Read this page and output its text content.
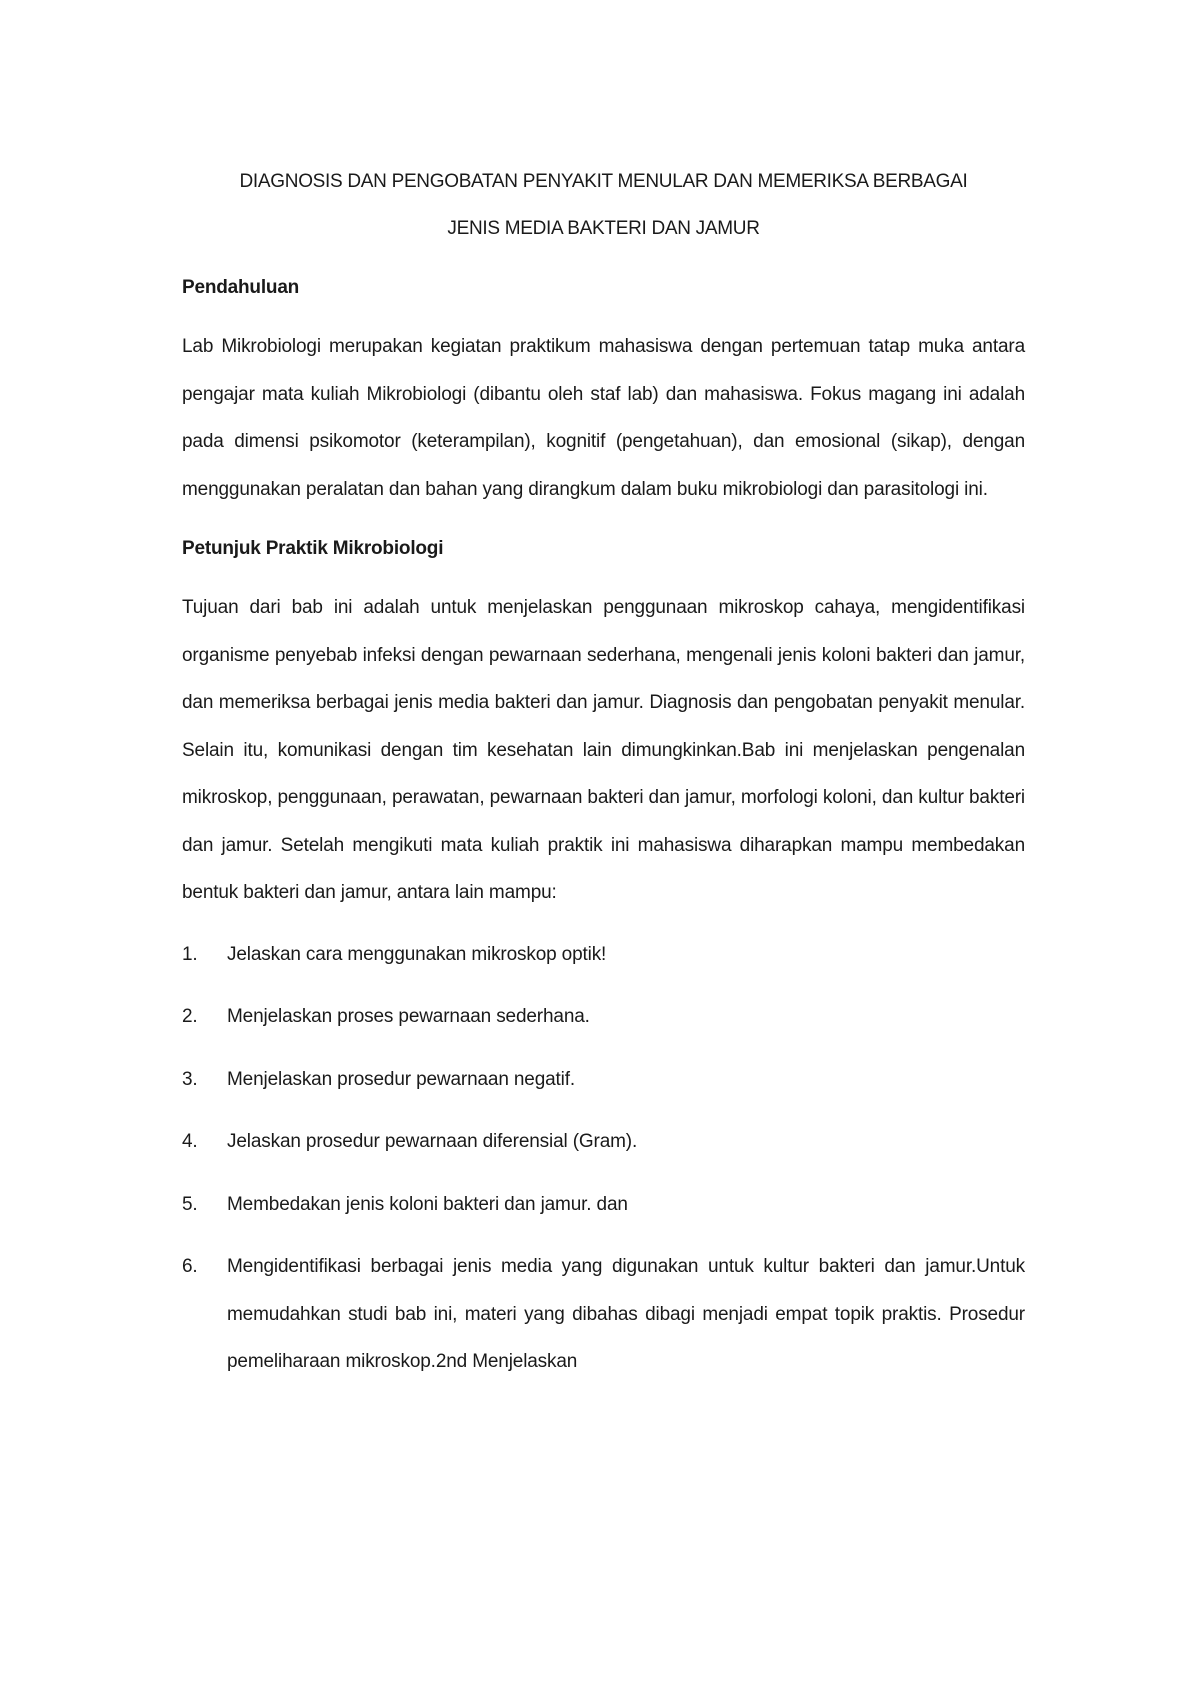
DIAGNOSIS DAN PENGOBATAN PENYAKIT MENULAR DAN MEMERIKSA BERBAGAI
JENIS MEDIA BAKTERI DAN JAMUR
Pendahuluan

Lab Mikrobiologi merupakan kegiatan praktikum mahasiswa dengan pertemuan tatap muka antara pengajar mata kuliah Mikrobiologi (dibantu oleh staf lab) dan mahasiswa. Fokus magang ini adalah pada dimensi psikomotor (keterampilan), kognitif (pengetahuan), dan emosional (sikap), dengan menggunakan peralatan dan bahan yang dirangkum dalam buku mikrobiologi dan parasitologi ini.

Petunjuk Praktik Mikrobiologi

Tujuan dari bab ini adalah untuk menjelaskan penggunaan mikroskop cahaya, mengidentifikasi organisme penyebab infeksi dengan pewarnaan sederhana, mengenali jenis koloni bakteri dan jamur, dan memeriksa berbagai jenis media bakteri dan jamur. Diagnosis dan pengobatan penyakit menular. Selain itu, komunikasi dengan tim kesehatan lain dimungkinkan.Bab ini menjelaskan pengenalan mikroskop, penggunaan, perawatan, pewarnaan bakteri dan jamur, morfologi koloni, dan kultur bakteri dan jamur. Setelah mengikuti mata kuliah praktik ini mahasiswa diharapkan mampu membedakan bentuk bakteri dan jamur, antara lain mampu:

1. Jelaskan cara menggunakan mikroskop optik!
2. Menjelaskan proses pewarnaan sederhana.
3. Menjelaskan prosedur pewarnaan negatif.
4. Jelaskan prosedur pewarnaan diferensial (Gram).
5. Membedakan jenis koloni bakteri dan jamur. dan
6. Mengidentifikasi berbagai jenis media yang digunakan untuk kultur bakteri dan jamur.Untuk memudahkan studi bab ini, materi yang dibahas dibagi menjadi empat topik praktis. Prosedur pemeliharaan mikroskop.2nd Menjelaskan
